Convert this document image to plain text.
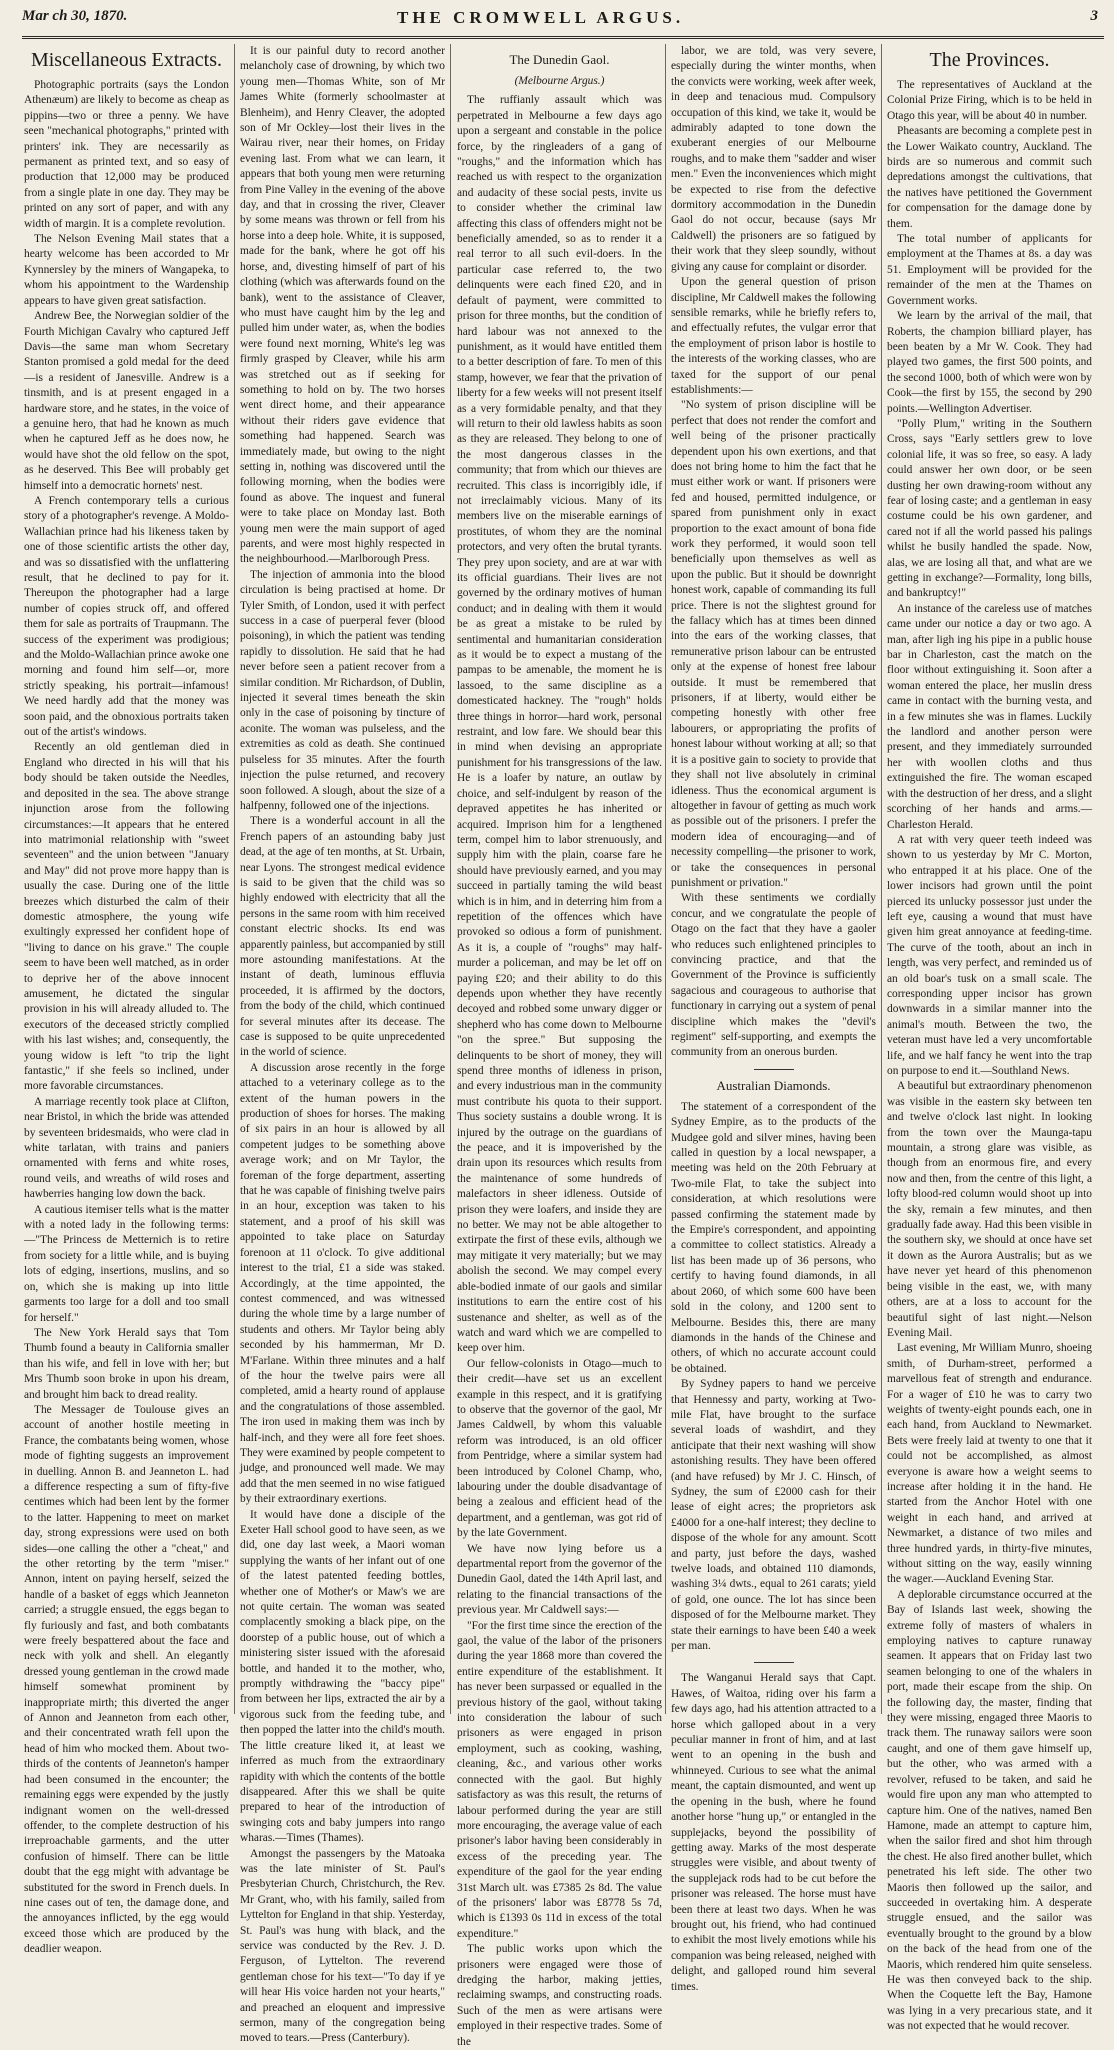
Mar ch 30, 1870.	THE CROMWELL ARGUS.	3
Miscellaneous Extracts.

Photographic portraits (says the London Athenæum) are likely to become as cheap as pippins—two or three a penny. We have seen "mechanical photographs," printed with printers' ink. They are necessarily as permanent as printed text, and so easy of production that 12,000 may be produced from a single plate in one day. They may be printed on any sort of paper, and with any width of margin. It is a complete revolution.

The Nelson Evening Mail states that a hearty welcome has been accorded to Mr Kynnersley by the miners of Wangapeka, to whom his appointment to the Wardenship appears to have given great satisfaction.

Andrew Bee, the Norwegian soldier of the Fourth Michigan Cavalry who captured Jeff Davis—the same man whom Secretary Stanton promised a gold medal for the deed—is a resident of Janesville. Andrew is a tinsmith, and is at present engaged in a hardware store, and he states, in the voice of a genuine hero, that had he known as much when he captured Jeff as he does now, he would have shot the old fellow on the spot, as he deserved. This Bee will probably get himself into a democratic hornets' nest.

A French contemporary tells a curious story of a photographer's revenge. A Moldo-Wallachian prince had his likeness taken by one of those scientific artists the other day, and was so dissatisfied with the unflattering result, that he declined to pay for it. Thereupon the photographer had a large number of copies struck off, and offered them for sale as portraits of Traupmann. The success of the experiment was prodigious; and the Moldo-Wallachian prince awoke one morning and found him self—or, more strictly speaking, his portrait—infamous! We need hardly add that the money was soon paid, and the obnoxious portraits taken out of the artist's windows.

Recently an old gentleman died in England who directed in his will that his body should be taken outside the Needles, and deposited in the sea. The above strange injunction arose from the following circumstances:—It appears that he entered into matrimonial relationship with "sweet seventeen" and the union between "January and May" did not prove more happy than is usually the case. During one of the little breezes which disturbed the calm of their domestic atmosphere, the young wife exultingly expressed her confident hope of "living to dance on his grave." The couple seem to have been well matched, as in order to deprive her of the above innocent amusement, he dictated the singular provision in his will already alluded to. The executors of the deceased strictly complied with his last wishes; and, consequently, the young widow is left "to trip the light fantastic," if she feels so inclined, under more favorable circumstances.

A marriage recently took place at Clifton, near Bristol, in which the bride was attended by seventeen bridesmaids, who were clad in white tarlatan, with trains and paniers ornamented with ferns and white roses, round veils, and wreaths of wild roses and hawberries hanging low down the back.

A cautious itemiser tells what is the matter with a noted lady in the following terms:—"The Princess de Metternich is to retire from society for a little while, and is buying lots of edging, insertions, muslins, and so on, which she is making up into little garments too large for a doll and too small for herself."

The New York Herald says that Tom Thumb found a beauty in California smaller than his wife, and fell in love with her; but Mrs Thumb soon broke in upon his dream, and brought him back to dread reality.

The Messager de Toulouse gives an account of another hostile meeting in France, the combatants being women, whose mode of fighting suggests an improvement in duelling. Annon B. and Jeanneton L. had a difference respecting a sum of fifty-five centimes which had been lent by the former to the latter. Happening to meet on market day, strong expressions were used on both sides—one calling the other a "cheat," and the other retorting by the term "miser." Annon, intent on paying herself, seized the handle of a basket of eggs which Jeanneton carried; a struggle ensued, the eggs began to fly furiously and fast, and both combatants were freely bespattered about the face and neck with yolk and shell. An elegantly dressed young gentleman in the crowd made himself somewhat prominent by inappropriate mirth; this diverted the anger of Annon and Jeanneton from each other, and their concentrated wrath fell upon the head of him who mocked them. About two-thirds of the contents of Jeanneton's hamper had been consumed in the encounter; the remaining eggs were expended by the justly indignant women on the well-dressed offender, to the complete destruction of his irreproachable garments, and the utter confusion of himself. There can be little doubt that the egg might with advantage be substituted for the sword in French duels. In nine cases out of ten, the damage done, and the annoyances inflicted, by the egg would exceed those which are produced by the deadlier weapon.

It is our painful duty to record another melancholy case of drowning, by which two young men—Thomas White, son of Mr James White (formerly schoolmaster at Blenheim), and Henry Cleaver, the adopted son of Mr Ockley—lost their lives in the Wairau river, near their homes, on Friday evening last. From what we can learn, it appears that both young men were returning from Pine Valley in the evening of the above day, and that in crossing the river, Cleaver by some means was thrown or fell from his horse into a deep hole. White, it is supposed, made for the bank, where he got off his horse, and, divesting himself of part of his clothing (which was afterwards found on the bank), went to the assistance of Cleaver, who must have caught him by the leg and pulled him under water, as, when the bodies were found next morning, White's leg was firmly grasped by Cleaver, while his arm was stretched out as if seeking for something to hold on by. The two horses went direct home, and their appearance without their riders gave evidence that something had happened. Search was immediately made, but owing to the night setting in, nothing was discovered until the following morning, when the bodies were found as above. The inquest and funeral were to take place on Monday last. Both young men were the main support of aged parents, and were most highly respected in the neighbourhood.—Marlborough Press.

The injection of ammonia into the blood circulation is being practised at home. Dr Tyler Smith, of London, used it with perfect success in a case of puerperal fever (blood poisoning), in which the patient was tending rapidly to dissolution. He said that he had never before seen a patient recover from a similar condition. Mr Richardson, of Dublin, injected it several times beneath the skin only in the case of poisoning by tincture of aconite. The woman was pulseless, and the extremities as cold as death. She continued pulseless for 35 minutes. After the fourth injection the pulse returned, and recovery soon followed. A slough, about the size of a halfpenny, followed one of the injections.

There is a wonderful account in all the French papers of an astounding baby just dead, at the age of ten months, at St. Urbain, near Lyons. The strongest medical evidence is said to be given that the child was so highly endowed with electricity that all the persons in the same room with him received constant electric shocks. Its end was apparently painless, but accompanied by still more astounding manifestations. At the instant of death, luminous effluvia proceeded, it is affirmed by the doctors, from the body of the child, which continued for several minutes after its decease. The case is supposed to be quite unprecedented in the world of science.

A discussion arose recently in the forge attached to a veterinary college as to the extent of the human powers in the production of shoes for horses. The making of six pairs in an hour is allowed by all competent judges to be something above average work; and on Mr Taylor, the foreman of the forge department, asserting that he was capable of finishing twelve pairs in an hour, exception was taken to his statement, and a proof of his skill was appointed to take place on Saturday forenoon at 11 o'clock. To give additional interest to the trial, £1 a side was staked. Accordingly, at the time appointed, the contest commenced, and was witnessed during the whole time by a large number of students and others. Mr Taylor being ably seconded by his hammerman, Mr D. M'Farlane. Within three minutes and a half of the hour the twelve pairs were all completed, amid a hearty round of applause and the congratulations of those assembled. The iron used in making them was inch by half-inch, and they were all fore feet shoes. They were examined by people competent to judge, and pronounced well made. We may add that the men seemed in no wise fatigued by their extraordinary exertions.

It would have done a disciple of the Exeter Hall school good to have seen, as we did, one day last week, a Maori woman supplying the wants of her infant out of one of the latest patented feeding bottles, whether one of Mother's or Maw's we are not quite certain. The woman was seated complacently smoking a black pipe, on the doorstep of a public house, out of which a ministering sister issued with the aforesaid bottle, and handed it to the mother, who, promptly withdrawing the "baccy pipe" from between her lips, extracted the air by a vigorous suck from the feeding tube, and then popped the latter into the child's mouth. The little creature liked it, at least we inferred as much from the extraordinary rapidity with which the contents of the bottle disappeared. After this we shall be quite prepared to hear of the introduction of swinging cots and baby jumpers into rango wharas.—Times (Thames).

Amongst the passengers by the Matoaka was the late minister of St. Paul's Presbyterian Church, Christchurch, the Rev. Mr Grant, who, with his family, sailed from Lyttelton for England in that ship. Yesterday, St. Paul's was hung with black, and the service was conducted by the Rev. J. D. Ferguson, of Lyttelton. The reverend gentleman chose for his text—"To day if ye will hear His voice harden not your hearts," and preached an eloquent and impressive sermon, many of the congregation being moved to tears.—Press (Canterbury).

The Dunedin Gaol.

(Melbourne Argus.)

The ruffianly assault which was perpetrated in Melbourne a few days ago upon a sergeant and constable in the police force, by the ringleaders of a gang of "roughs," and the information which has reached us with respect to the organization and audacity of these social pests, invite us to consider whether the criminal law affecting this class of offenders might not be beneficially amended, so as to render it a real terror to all such evil-doers. In the particular case referred to, the two delinquents were each fined £20, and in default of payment, were committed to prison for three months, but the condition of hard labour was not annexed to the punishment, as it would have entitled them to a better description of fare. To men of this stamp, however, we fear that the privation of liberty for a few weeks will not present itself as a very formidable penalty, and that they will return to their old lawless habits as soon as they are released. They belong to one of the most dangerous classes in the community; that from which our thieves are recruited. This class is incorrigibly idle, if not irreclaimably vicious. Many of its members live on the miserable earnings of prostitutes, of whom they are the nominal protectors, and very often the brutal tyrants. They prey upon society, and are at war with its official guardians. Their lives are not governed by the ordinary motives of human conduct; and in dealing with them it would be as great a mistake to be ruled by sentimental and humanitarian consideration as it would be to expect a mustang of the pampas to be amenable, the moment he is lassoed, to the same discipline as a domesticated hackney. The "rough" holds three things in horror—hard work, personal restraint, and low fare. We should bear this in mind when devising an appropriate punishment for his transgressions of the law. He is a loafer by nature, an outlaw by choice, and self-indulgent by reason of the depraved appetites he has inherited or acquired. Imprison him for a lengthened term, compel him to labor strenuously, and supply him with the plain, coarse fare he should have previously earned, and you may succeed in partially taming the wild beast which is in him, and in deterring him from a repetition of the offences which have provoked so odious a form of punishment. As it is, a couple of "roughs" may half-murder a policeman, and may be let off on paying £20; and their ability to do this depends upon whether they have recently decoyed and robbed some unwary digger or shepherd who has come down to Melbourne "on the spree." But supposing the delinquents to be short of money, they will spend three months of idleness in prison, and every industrious man in the community must contribute his quota to their support. Thus society sustains a double wrong. It is injured by the outrage on the guardians of the peace, and it is impoverished by the drain upon its resources which results from the maintenance of some hundreds of malefactors in sheer idleness. Outside of prison they were loafers, and inside they are no better. We may not be able altogether to extirpate the first of these evils, although we may mitigate it very materially; but we may abolish the second. We may compel every able-bodied inmate of our gaols and similar institutions to earn the entire cost of his sustenance and shelter, as well as of the watch and ward which we are compelled to keep over him.

Our fellow-colonists in Otago—much to their credit—have set us an excellent example in this respect, and it is gratifying to observe that the governor of the gaol, Mr James Caldwell, by whom this valuable reform was introduced, is an old officer from Pentridge, where a similar system had been introduced by Colonel Champ, who, labouring under the double disadvantage of being a zealous and efficient head of the department, and a gentleman, was got rid of by the late Government.

We have now lying before us a departmental report from the governor of the Dunedin Gaol, dated the 14th April last, and relating to the financial transactions of the previous year. Mr Caldwell says:—

"For the first time since the erection of the gaol, the value of the labor of the prisoners during the year 1868 more than covered the entire expenditure of the establishment. It has never been surpassed or equalled in the previous history of the gaol, without taking into consideration the labour of such prisoners as were engaged in prison employment, such as cooking, washing, cleaning, &c., and various other works connected with the gaol. But highly satisfactory as was this result, the returns of labour performed during the year are still more encouraging, the average value of each prisoner's labor having been considerably in excess of the preceding year. The expenditure of the gaol for the year ending 31st March ult. was £7385 2s 8d. The value of the prisoners' labor was £8778 5s 7d, which is £1393 0s 11d in excess of the total expenditure."

The public works upon which the prisoners were engaged were those of dredging the harbor, making jetties, reclaiming swamps, and constructing roads. Such of the men as were artisans were employed in their respective trades. Some of the

labor, we are told, was very severe, especially during the winter months, when the convicts were working, week after week, in deep and tenacious mud. Compulsory occupation of this kind, we take it, would be admirably adapted to tone down the exuberant energies of our Melbourne roughs, and to make them "sadder and wiser men." Even the inconveniences which might be expected to rise from the defective dormitory accommodation in the Dunedin Gaol do not occur, because (says Mr Caldwell) the prisoners are so fatigued by their work that they sleep soundly, without giving any cause for complaint or disorder.

Upon the general question of prison discipline, Mr Caldwell makes the following sensible remarks, while he briefly refers to, and effectually refutes, the vulgar error that the employment of prison labor is hostile to the interests of the working classes, who are taxed for the support of our penal establishments:—

"No system of prison discipline will be perfect that does not render the comfort and well being of the prisoner practically dependent upon his own exertions, and that does not bring home to him the fact that he must either work or want. If prisoners were fed and housed, permitted indulgence, or spared from punishment only in exact proportion to the exact amount of bona fide work they performed, it would soon tell beneficially upon themselves as well as upon the public. But it should be downright honest work, capable of commanding its full price. There is not the slightest ground for the fallacy which has at times been dinned into the ears of the working classes, that remunerative prison labour can be entrusted only at the expense of honest free labour outside. It must be remembered that prisoners, if at liberty, would either be competing honestly with other free labourers, or appropriating the profits of honest labour without working at all; so that it is a positive gain to society to provide that they shall not live absolutely in criminal idleness. Thus the economical argument is altogether in favour of getting as much work as possible out of the prisoners. I prefer the modern idea of encouraging—and of necessity compelling—the prisoner to work, or take the consequences in personal punishment or privation."

With these sentiments we cordially concur, and we congratulate the people of Otago on the fact that they have a gaoler who reduces such enlightened principles to convincing practice, and that the Government of the Province is sufficiently sagacious and courageous to authorise that functionary in carrying out a system of penal discipline which makes the "devil's regiment" self-supporting, and exempts the community from an onerous burden.

Australian Diamonds.

The statement of a correspondent of the Sydney Empire, as to the products of the Mudgee gold and silver mines, having been called in question by a local newspaper, a meeting was held on the 20th February at Two-mile Flat, to take the subject into consideration, at which resolutions were passed confirming the statement made by the Empire's correspondent, and appointing a committee to collect statistics. Already a list has been made up of 36 persons, who certify to having found diamonds, in all about 2060, of which some 600 have been sold in the colony, and 1200 sent to Melbourne. Besides this, there are many diamonds in the hands of the Chinese and others, of which no accurate account could be obtained.

By Sydney papers to hand we perceive that Hennessy and party, working at Two-mile Flat, have brought to the surface several loads of washdirt, and they anticipate that their next washing will show astonishing results. They have been offered (and have refused) by Mr J. C. Hinsch, of Sydney, the sum of £2000 cash for their lease of eight acres; the proprietors ask £4000 for a one-half interest; they decline to dispose of the whole for any amount. Scott and party, just before the days, washed twelve loads, and obtained 110 diamonds, washing 3¼ dwts., equal to 261 carats; yield of gold, one ounce. The lot has since been disposed of for the Melbourne market. They state their earnings to have been £40 a week per man.

The Wanganui Herald says that Capt. Hawes, of Waitoa, riding over his farm a few days ago, had his attention attracted to a horse which galloped about in a very peculiar manner in front of him, and at last went to an opening in the bush and whinneyed. Curious to see what the animal meant, the captain dismounted, and went up the opening in the bush, where he found another horse "hung up," or entangled in the supplejacks, beyond the possibility of getting away. Marks of the most desperate struggles were visible, and about twenty of the supplejack rods had to be cut before the prisoner was released. The horse must have been there at least two days. When he was brought out, his friend, who had continued to exhibit the most lively emotions while his companion was being released, neighed with delight, and galloped round him several times.

The Provinces.

The representatives of Auckland at the Colonial Prize Firing, which is to be held in Otago this year, will be about 40 in number.

Pheasants are becoming a complete pest in the Lower Waikato country, Auckland. The birds are so numerous and commit such depredations amongst the cultivations, that the natives have petitioned the Government for compensation for the damage done by them.

The total number of applicants for employment at the Thames at 8s. a day was 51. Employment will be provided for the remainder of the men at the Thames on Government works.

We learn by the arrival of the mail, that Roberts, the champion billiard player, has been beaten by a Mr W. Cook. They had played two games, the first 500 points, and the second 1000, both of which were won by Cook—the first by 155, the second by 290 points.—Wellington Advertiser.

"Polly Plum," writing in the Southern Cross, says "Early settlers grew to love colonial life, it was so free, so easy. A lady could answer her own door, or be seen dusting her own drawing-room without any fear of losing caste; and a gentleman in easy costume could be his own gardener, and cared not if all the world passed his palings whilst he busily handled the spade. Now, alas, we are losing all that, and what are we getting in exchange?—Formality, long bills, and bankruptcy!"

An instance of the careless use of matches came under our notice a day or two ago. A man, after ligh ing his pipe in a public house bar in Charleston, cast the match on the floor without extinguishing it. Soon after a woman entered the place, her muslin dress came in contact with the burning vesta, and in a few minutes she was in flames. Luckily the landlord and another person were present, and they immediately surrounded her with woollen cloths and thus extinguished the fire. The woman escaped with the destruction of her dress, and a slight scorching of her hands and arms.—Charleston Herald.

A rat with very queer teeth indeed was shown to us yesterday by Mr C. Morton, who entrapped it at his place. One of the lower incisors had grown until the point pierced its unlucky possessor just under the left eye, causing a wound that must have given him great annoyance at feeding-time. The curve of the tooth, about an inch in length, was very perfect, and reminded us of an old boar's tusk on a small scale. The corresponding upper incisor has grown downwards in a similar manner into the animal's mouth. Between the two, the veteran must have led a very uncomfortable life, and we half fancy he went into the trap on purpose to end it.—Southland News.

A beautiful but extraordinary phenomenon was visible in the eastern sky between ten and twelve o'clock last night. In looking from the town over the Maunga-tapu mountain, a strong glare was visible, as though from an enormous fire, and every now and then, from the centre of this light, a lofty blood-red column would shoot up into the sky, remain a few minutes, and then gradually fade away. Had this been visible in the southern sky, we should at once have set it down as the Aurora Australis; but as we have never yet heard of this phenomenon being visible in the east, we, with many others, are at a loss to account for the beautiful sight of last night.—Nelson Evening Mail.

Last evening, Mr William Munro, shoeing smith, of Durham-street, performed a marvellous feat of strength and endurance. For a wager of £10 he was to carry two weights of twenty-eight pounds each, one in each hand, from Auckland to Newmarket. Bets were freely laid at twenty to one that it could not be accomplished, as almost everyone is aware how a weight seems to increase after holding it in the hand. He started from the Anchor Hotel with one weight in each hand, and arrived at Newmarket, a distance of two miles and three hundred yards, in thirty-five minutes, without sitting on the way, easily winning the wager.—Auckland Evening Star.

A deplorable circumstance occurred at the Bay of Islands last week, showing the extreme folly of masters of whalers in employing natives to capture runaway seamen. It appears that on Friday last two seamen belonging to one of the whalers in port, made their escape from the ship. On the following day, the master, finding that they were missing, engaged three Maoris to track them. The runaway sailors were soon caught, and one of them gave himself up, but the other, who was armed with a revolver, refused to be taken, and said he would fire upon any man who attempted to capture him. One of the natives, named Ben Hamone, made an attempt to capture him, when the sailor fired and shot him through the chest. He also fired another bullet, which penetrated his left side. The other two Maoris then followed up the sailor, and succeeded in overtaking him. A desperate struggle ensued, and the sailor was eventually brought to the ground by a blow on the back of the head from one of the Maoris, which rendered him quite senseless. He was then conveyed back to the ship. When the Coquette left the Bay, Hamone was lying in a very precarious state, and it was not expected that he would recover.
